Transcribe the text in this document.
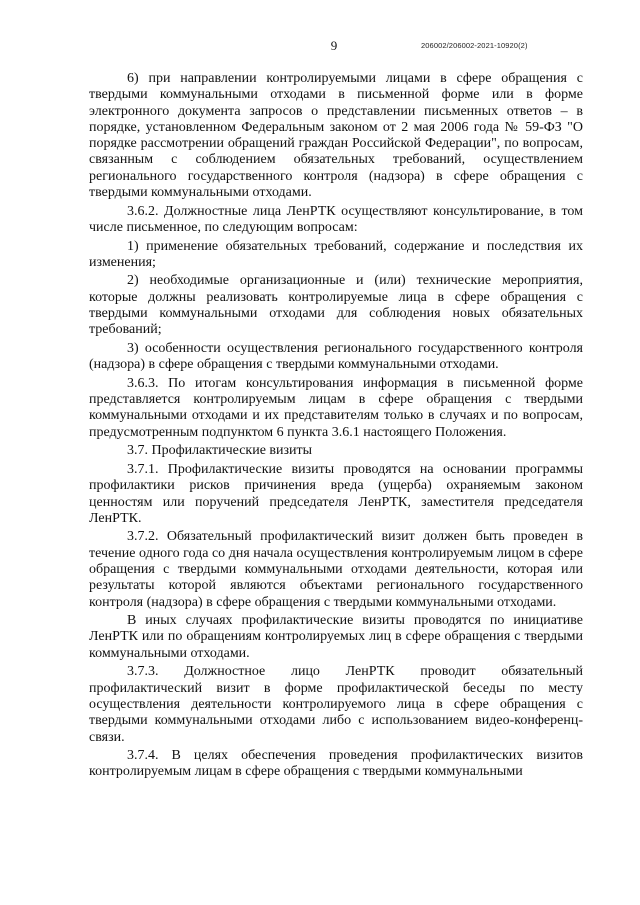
9	206002/206002-2021-10920(2)

6) при направлении контролируемыми лицами в сфере обращения с твердыми коммунальными отходами в письменной форме или в форме электронного документа запросов о представлении письменных ответов – в порядке, установленном Федеральным законом от 2 мая 2006 года № 59-ФЗ "О порядке рассмотрении обращений граждан Российской Федерации", по вопросам, связанным с соблюдением обязательных требований, осуществлением регионального государственного контроля (надзора) в сфере обращения с твердыми коммунальными отходами.

3.6.2. Должностные лица ЛенРТК осуществляют консультирование, в том числе письменное, по следующим вопросам:

1) применение обязательных требований, содержание и последствия их изменения;

2) необходимые организационные и (или) технические мероприятия, которые должны реализовать контролируемые лица в сфере обращения с твердыми коммунальными отходами для соблюдения новых обязательных требований;

3) особенности осуществления регионального государственного контроля (надзора) в сфере обращения с твердыми коммунальными отходами.

3.6.3. По итогам консультирования информация в письменной форме представляется контролируемым лицам в сфере обращения с твердыми коммунальными отходами и их представителям только в случаях и по вопросам, предусмотренным подпунктом 6 пункта 3.6.1 настоящего Положения.

3.7. Профилактические визиты

3.7.1. Профилактические визиты проводятся на основании программы профилактики рисков причинения вреда (ущерба) охраняемым законом ценностям или поручений председателя ЛенРТК, заместителя председателя ЛенРТК.

3.7.2. Обязательный профилактический визит должен быть проведен в течение одного года со дня начала осуществления контролируемым лицом в сфере обращения с твердыми коммунальными отходами деятельности, которая или результаты которой являются объектами регионального государственного контроля (надзора) в сфере обращения с твердыми коммунальными отходами.

В иных случаях профилактические визиты проводятся по инициативе ЛенРТК или по обращениям контролируемых лиц в сфере обращения с твердыми коммунальными отходами.

3.7.3. Должностное лицо ЛенРТК проводит обязательный профилактический визит в форме профилактической беседы по месту осуществления деятельности контролируемого лица в сфере обращения с твердыми коммунальными отходами либо с использованием видео-конференц-связи.

3.7.4. В целях обеспечения проведения профилактических визитов контролируемым лицам в сфере обращения с твердыми коммунальными
